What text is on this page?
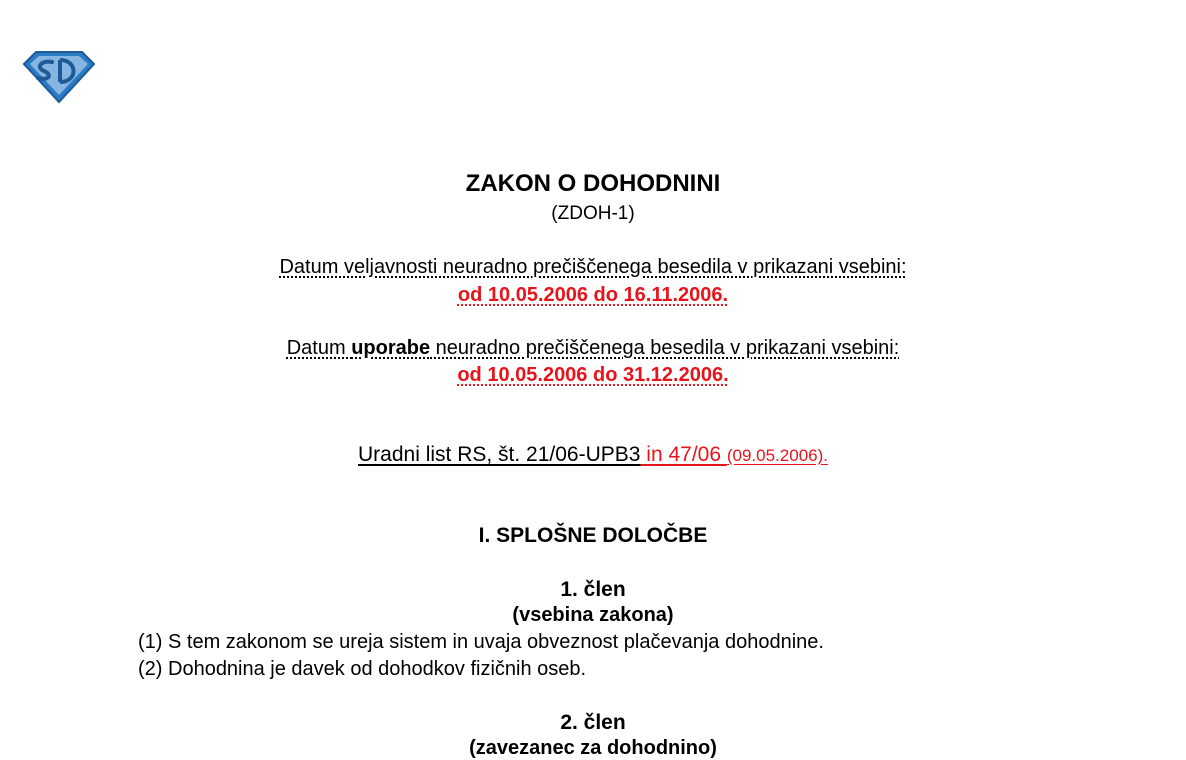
ZAKON O DOHODNINI
(ZDOH-1)
Datum veljavnosti neuradno prečiščenega besedila v prikazani vsebini:
od 10.05.2006 do 16.11.2006.
Datum uporabe neuradno prečiščenega besedila v prikazani vsebini:
od 10.05.2006 do 31.12.2006.
Uradni list RS, št. 21/06-UPB3 in 47/06 (09.05.2006).
I. SPLOŠNE DOLOČBE
1. člen
(vsebina zakona)
(1) S tem zakonom se ureja sistem in uvaja obveznost plačevanja dohodnine.
(2) Dohodnina je davek od dohodkov fizičnih oseb.
2. člen
(zavezanec za dohodnino)
